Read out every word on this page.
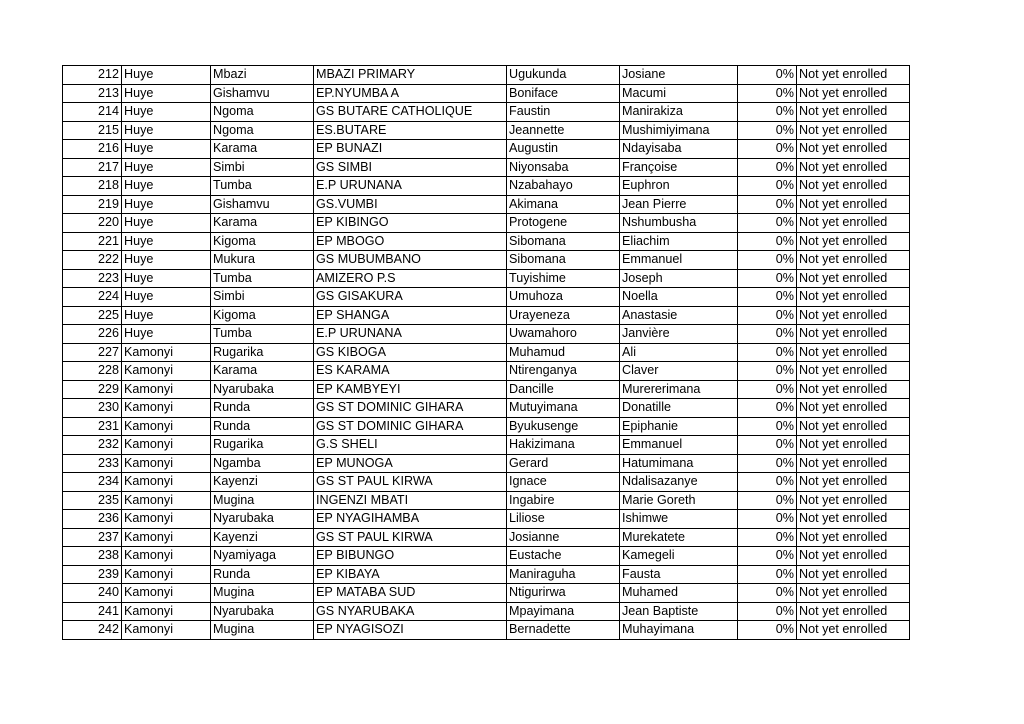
212	Huye	Mbazi	MBAZI PRIMARY	Ugukunda	Josiane	0%	Not yet enrolled
213	Huye	Gishamvu	EP.NYUMBA A	Boniface	Macumi	0%	Not yet enrolled
214	Huye	Ngoma	GS BUTARE CATHOLIQUE	Faustin	Manirakiza	0%	Not yet enrolled
215	Huye	Ngoma	ES.BUTARE	Jeannette	Mushimiyimana	0%	Not yet enrolled
216	Huye	Karama	EP BUNAZI	Augustin	Ndayisaba	0%	Not yet enrolled
217	Huye	Simbi	GS SIMBI	Niyonsaba	Françoise	0%	Not yet enrolled
218	Huye	Tumba	E.P URUNANA	Nzabahayo	Euphron	0%	Not yet enrolled
219	Huye	Gishamvu	GS.VUMBI	Akimana	Jean Pierre	0%	Not yet enrolled
220	Huye	Karama	EP KIBINGO	Protogene	Nshumbusha	0%	Not yet enrolled
221	Huye	Kigoma	EP MBOGO	Sibomana	Eliachim	0%	Not yet enrolled
222	Huye	Mukura	GS MUBUMBANO	Sibomana	Emmanuel	0%	Not yet enrolled
223	Huye	Tumba	AMIZERO P.S	Tuyishime	Joseph	0%	Not yet enrolled
224	Huye	Simbi	GS GISAKURA	Umuhoza	Noella	0%	Not yet enrolled
225	Huye	Kigoma	EP SHANGA	Urayeneza	Anastasie	0%	Not yet enrolled
226	Huye	Tumba	E.P URUNANA	Uwamahoro	Janvière	0%	Not yet enrolled
227	Kamonyi	Rugarika	GS KIBOGA	Muhamud	Ali	0%	Not yet enrolled
228	Kamonyi	Karama	ES KARAMA	Ntirenganya	Claver	0%	Not yet enrolled
229	Kamonyi	Nyarubaka	EP KAMBYEYI	Dancille	Murererimana	0%	Not yet enrolled
230	Kamonyi	Runda	GS ST DOMINIC GIHARA	Mutuyimana	Donatille	0%	Not yet enrolled
231	Kamonyi	Runda	GS ST DOMINIC GIHARA	Byukusenge	Epiphanie	0%	Not yet enrolled
232	Kamonyi	Rugarika	G.S SHELI	Hakizimana	Emmanuel	0%	Not yet enrolled
233	Kamonyi	Ngamba	EP MUNOGA	Gerard	Hatumimana	0%	Not yet enrolled
234	Kamonyi	Kayenzi	GS ST PAUL KIRWA	Ignace	Ndalisazanye	0%	Not yet enrolled
235	Kamonyi	Mugina	INGENZI MBATI	Ingabire	Marie Goreth	0%	Not yet enrolled
236	Kamonyi	Nyarubaka	EP NYAGIHAMBA	Liliose	Ishimwe	0%	Not yet enrolled
237	Kamonyi	Kayenzi	GS ST PAUL KIRWA	Josianne	Murekatete	0%	Not yet enrolled
238	Kamonyi	Nyamiyaga	EP BIBUNGO	Eustache	Kamegeli	0%	Not yet enrolled
239	Kamonyi	Runda	EP KIBAYA	Maniraguha	Fausta	0%	Not yet enrolled
240	Kamonyi	Mugina	EP MATABA SUD	Ntigurirwa	Muhamed	0%	Not yet enrolled
241	Kamonyi	Nyarubaka	GS NYARUBAKA	Mpayimana	Jean Baptiste	0%	Not yet enrolled
242	Kamonyi	Mugina	EP NYAGISOZI	Bernadette	Muhayimana	0%	Not yet enrolled
